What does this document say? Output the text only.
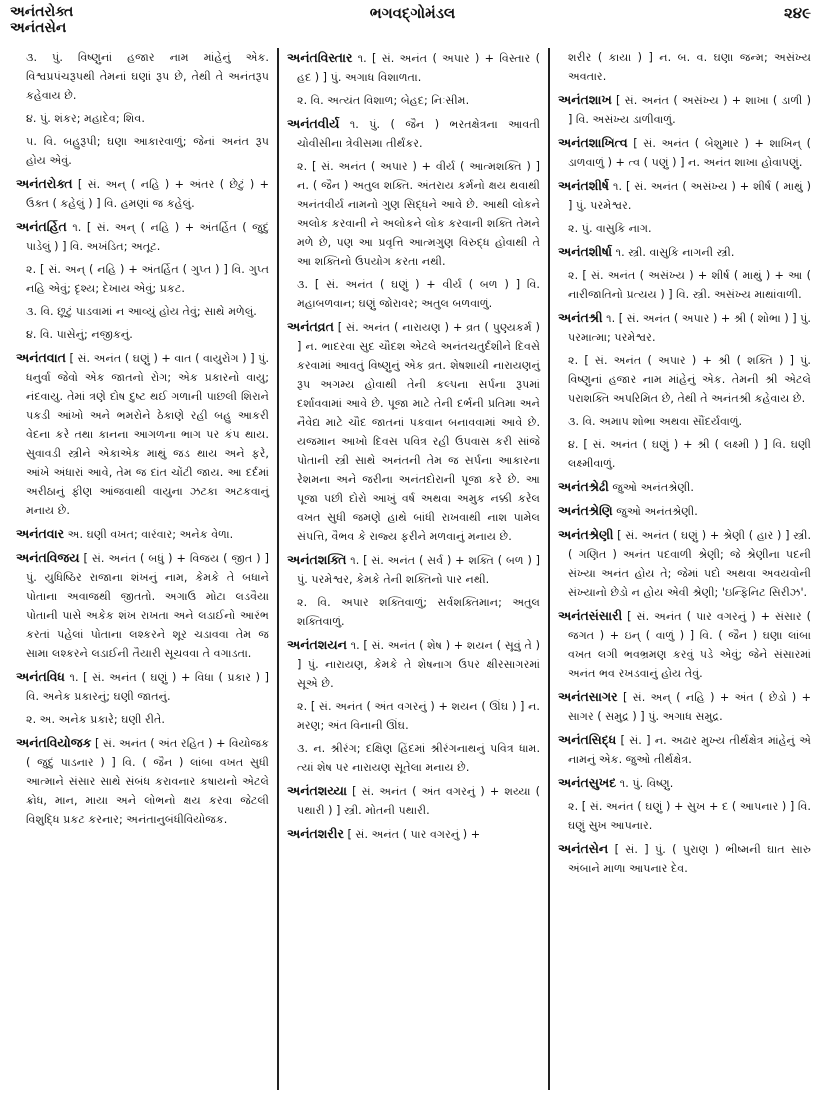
અનંતરોક્ત
અનંતસેન
ભગવદ્ગોમંડલ	૨૪૯
૩. પું. વિષ્ણુનાં હજાર નામ માંહેનું એક. વિશ્વપ્રપંચરૂપથી તેમનાં ઘણાં રૂપ છે, તેથી તે અનંતરૂપ કહેવાય છે.
૪. પું. શંકર; મહાદેવ; શિવ.
૫. વિ. બહુરૂપી; ઘણા આકારવાળું; જેનાં અનંત રૂપ હોય એવું.
અનંતરોક્ત [ સં. અન્ ( નહિ ) + અંતર ( છેટું ) + ઉક્ત ( કહેલું ) ] વિ. હમણાં જ કહેલું.
અનંતર્હિત ૧. [ સં. અન્ ( નહિ ) + અંતર્હિત ( જુદું પાડેલું ) ] વિ. અખંડિત; અતૂટ.
૨. [ સં. અન્ ( નહિ ) + અંતર્હિત ( ગુપ્ત ) ] વિ. ગુપ્ત નહિ એવું; દૃશ્ય; દેખાય એવું; પ્રકટ.
૩. વિ. છૂટું પાડવામાં ન આવ્યું હોય તેવું; સાથે મળેલું.
૪. વિ. પાસેનું; નજીકનું.
અનંતવાત [ સં. અનંત ( ઘણું ) + વાત ( વાયુરોગ ) ] પું. ધનુર્વા જેવો એક જાતનો રોગ; એક પ્રકારનો વાયુ; નંદવાયુ. તેમાં ત્રણે દોષ દુષ્ટ થઈ ગળાની પાછલી શિરાને પકડી આંખો અને ભમરોને ઠેકાણે રહી બહુ આકરી વેદના કરે તથા કાનના આગળના ભાગ પર કંપ થાય. સુવાવડી સ્ત્રીને એકાએક માથું જડ થાય અને ફરે, આંખે અંધારાં આવે, તેમ જ દાંત ચોંટી જાય. આ દર્દમાં અરીઠાનું ફીણ આંજવાથી વાયુના ઝટકા અટકવાનું મનાય છે.
અનંતવાર અ. ઘણી વખત; વારંવાર; અનેક વેળા.
અનંતવિજય [ સં. અનંત ( બધું ) + વિજય ( જીત ) ] પું. યુધિષ્ઠિર રાજાના શંખનું નામ, કેમકે તે બધાને પોતાના અવાજથી જીતતો. અગાઉ મોટા લડવૈયા પોતાની પાસે અકેક શંખ રાખતા અને લડાઈનો આરંભ કરતાં પહેલાં પોતાના લશ્કરને શૂર ચડાવવા તેમ જ સામા લશ્કરને લડાઈની તૈયારી સૂચવવા તે વગાડતા.
અનંતવિધ ૧. [ સં. અનંત ( ઘણું ) + વિધા ( પ્રકાર ) ] વિ. અનેક પ્રકારનું; ઘણી જાતનું.
૨. અ. અનેક પ્રકારે; ઘણી રીતે.
અનંતવિયોજક [ સં. અનંત ( અંત રહિત ) + વિયોજક ( જુદું પાડનાર ) ] વિ. ( જૈન ) લાંબા વખત સુધી આત્માને સંસાર સાથે સંબંધ કરાવનાર કષાયનો એટલે ક્રોધ, માન, માયા અને લોભનો ક્ષય કરવા જેટલી વિશુદ્ધિ પ્રકટ કરનાર; અનંતાનુબંધીવિયોજક.
અનંતવિસ્તાર ૧. [ સં. અનંત ( અપાર ) + વિસ્તાર ( હદ ) ] પું. અગાધ વિશાળતા.
૨. વિ. અત્યંત વિશાળ; બેહદ; નિઃસીમ.
અનંતવીર્ય ૧. પું. ( જૈન ) ભરતક્ષેત્રના આવતી ચોવીસીના ત્રેવીસમા તીર્થંકર.
૨. [ સં. અનંત ( અપાર ) + વીર્ય ( આત્મશક્તિ ) ] ન. ( જૈન ) અતુલ શક્તિ. અંતરાય કર્મનો ક્ષય થવાથી અનંતવીર્ય નામનો ગુણ સિદ્ધને આવે છે. આથી લોકને અલોક કરવાની ને અલોકને લોક કરવાની શક્તિ તેમને મળે છે, પણ આ પ્રવૃત્તિ આત્મગુણ વિરુદ્ધ હોવાથી તે આ શક્તિનો ઉપયોગ કરતા નથી.
૩. [ સં. અનંત ( ઘણું ) + વીર્ય ( બળ ) ] વિ. મહાબળવાન; ઘણું જોરાવર; અતુલ બળવાળું.
અનંતવ્રત [ સં. અનંત ( નારાયણ ) + વ્રત ( પુણ્યકર્મ ) ] ન. ભાદરવા સુદ ચૌદશ એટલે અનંતચતુર્દશીને દિવસે કરવામાં આવતું વિષ્ણુનું એક વ્રત. શેષશાયી નારાયણનું રૂપ અગમ્ય હોવાથી તેની કલ્પના સર્પના રૂપમાં દર્શાવવામાં આવે છે. પૂજા માટે તેની દર્ભની પ્રતિમા અને નૈવેદ્ય માટે ચૌદ જાતનાં પકવાન બનાવવામાં આવે છે. યજમાન આખો દિવસ પવિત્ર રહી ઉપવાસ કરી સાંજે પોતાની સ્ત્રી સાથે અનંતની તેમ જ સર્પના આકારના રેશમના અને જરીના અનંતદોરાની પૂજા કરે છે. આ પૂજા પછી દોરો આખું વર્ષ અથવા અમુક નક્કી કરેલ વખત સુધી જમણે હાથે બાંધી રાખવાથી નાશ પામેલ સંપત્તિ, વૈભવ કે રાજ્ય ફરીને મળવાનું મનાય છે.
અનંતશક્તિ ૧. [ સં. અનંત ( સર્વ ) + શક્તિ ( બળ ) ] પું. પરમેશ્વર, કેમકે તેની શક્તિનો પાર નથી.
૨. વિ. અપાર શક્તિવાળું; સર્વશક્તિમાન; અતુલ શક્તિવાળું.
અનંતશયન ૧. [ સં. અનંત ( શેષ ) + શયન ( સૂવું તે ) ] પું. નારાયણ, કેમકે તે શેષનાગ ઉપર ક્ષીરસાગરમાં સૂએ છે.
૨. [ સં. અનંત ( અંત વગરનું ) + શયન ( ઊંઘ ) ] ન. મરણ; અંત વિનાની ઊંઘ.
૩. ન. શ્રીરંગ; દક્ષિણ હિંદમાં શ્રીરંગનાથનું પવિત્ર ધામ. ત્યાં શેષ પર નારાયણ સૂતેલા મનાય છે.
અનંતશય્યા [ સં. અનંત ( અંત વગરનું ) + શય્યા ( પથારી ) ] સ્ત્રી. મોતની પથારી.
અનંતશરીર [ સં. અનંત ( પાર વગરનું ) +
શરીર ( કાયા ) ] ન. બ. વ. ઘણા જન્મ; અસંખ્ય અવતાર.
અનંતશાખ [ સં. અનંત ( અસંખ્ય ) + શાખા ( ડાળી ) ] વિ. અસંખ્ય ડાળીવાળું.
અનંતશાખિત્વ [ સં. અનંત ( બેશુમાર ) + શાખિન્ ( ડાળવાળું ) + ત્વ ( પણું ) ] ન. અનંત શાખા હોવાપણું.
અનંતશીર્ષ ૧. [ સં. અનંત ( અસંખ્ય ) + શીર્ષ ( માથું ) ] પું. પરમેશ્વર.
૨. પું. વાસુકિ નાગ.
અનંતશીર્ષા ૧. સ્ત્રી. વાસુકિ નાગની સ્ત્રી.
૨. [ સં. અનંત ( અસંખ્ય ) + શીર્ષ ( માથું ) + આ ( નારીજાતિનો પ્રત્યય ) ] વિ. સ્ત્રી. અસંખ્ય માથાંવાળી.
અનંતશ્રી ૧. [ સં. અનંત ( અપાર ) + શ્રી ( શોભા ) ] પું. પરમાત્મા; પરમેશ્વર.
૨. [ સં. અનંત ( અપાર ) + શ્રી ( શક્તિ ) ] પું. વિષ્ણુનાં હજાર નામ માંહેનું એક. તેમની શ્રી એટલે પરાશક્તિ અપરિમિત છે, તેથી તે અનંતશ્રી કહેવાય છે.
૩. વિ. અમાપ શોભા અથવા સૌંદર્યવાળું.
૪. [ સં. અનંત ( ઘણું ) + શ્રી ( લક્ષ્મી ) ] વિ. ઘણી લક્ષ્મીવાળું.
અનંતશ્રેઢી જુઓ અનંતશ્રેણી.
અનંતશ્રેણિ જુઓ અનંતશ્રેણી.
અનંતશ્રેણી [ સં. અનંત ( ઘણું ) + શ્રેણી ( હાર ) ] સ્ત્રી. ( ગણિત ) અનંત પદવાળી શ્રેણી; જે શ્રેણીના પદની સંખ્યા અનંત હોય તે; જેમાં પદો અથવા અવયવોની સંખ્યાનો છેડો ન હોય એવી શ્રેણી; 'ઇન્ફિનિટ સિરીઝ'.
અનંતસંસારી [ સં. અનંત ( પાર વગરનું ) + સંસાર ( જગત ) + ઇન્ ( વાળું ) ] વિ. ( જૈન ) ઘણા લાંબા વખત લગી ભવભ્રમણ કરવું પડે એવું; જેને સંસારમાં અનંત ભવ રખડવાનું હોય તેવું.
અનંતસાગર [ સં. અન્ ( નહિ ) + અંત ( છેડો ) + સાગર ( સમુદ્ર ) ] પું. અગાધ સમુદ્ર.
અનંતસિદ્ધ [ સં. ] ન. અઢાર મુખ્ય તીર્થક્ષેત્ર માંહેનું એ નામનું એક. જુઓ તીર્થક્ષેત્ર.
અનંતસુખદ ૧. પું. વિષ્ણુ.
૨. [ સં. અનંત ( ઘણું ) + સુખ + દ ( આપનાર ) ] વિ. ઘણું સુખ આપનાર.
અનંતસેન [ સં. ] પું. ( પુરાણ ) ભીષ્મની ઘાત સારુ અંબાને માળા આપનાર દેવ.
